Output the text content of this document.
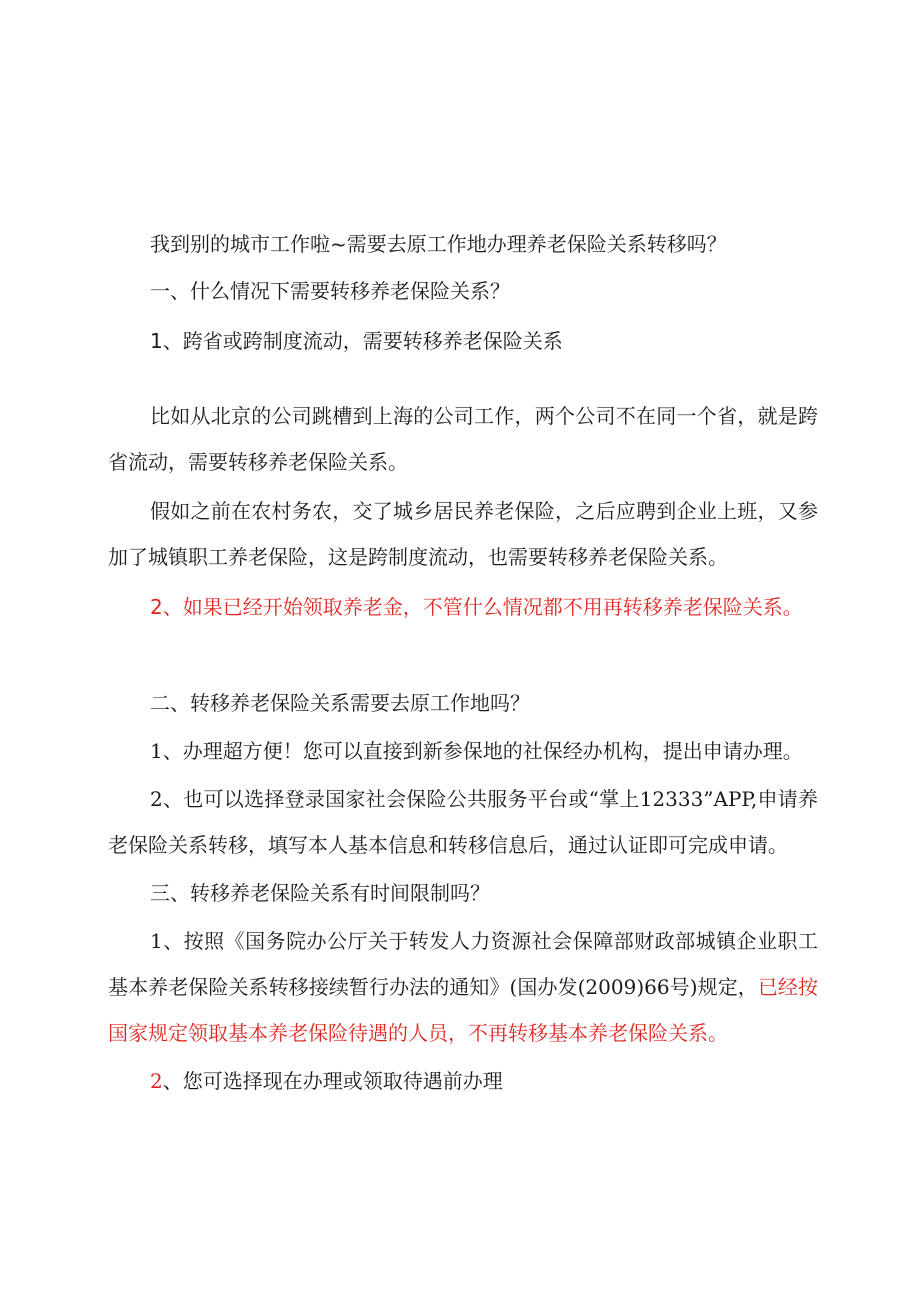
我到别的城市工作啦~需要去原工作地办理养老保险关系转移吗？

一、什么情况下需要转移养老保险关系？

1、跨省或跨制度流动，需要转移养老保险关系

比如从北京的公司跳槽到上海的公司工作，两个公司不在同一个省，就是跨省流动，需要转移养老保险关系。

假如之前在农村务农，交了城乡居民养老保险，之后应聘到企业上班，又参加了城镇职工养老保险，这是跨制度流动，也需要转移养老保险关系。

2、如果已经开始领取养老金，不管什么情况都不用再转移养老保险关系。

二、转移养老保险关系需要去原工作地吗？

1、办理超方便！您可以直接到新参保地的社保经办机构，提出申请办理。

2、也可以选择登录国家社会保险公共服务平台或“掌上12333”APP,申请养老保险关系转移，填写本人基本信息和转移信息后，通过认证即可完成申请。

三、转移养老保险关系有时间限制吗？

1、按照《国务院办公厅关于转发人力资源社会保障部财政部城镇企业职工基本养老保险关系转移接续暂行办法的通知》(国办发(2009)66号)规定，已经按国家规定领取基本养老保险待遇的人员，不再转移基本养老保险关系。

2、您可选择现在办理或领取待遇前办理
